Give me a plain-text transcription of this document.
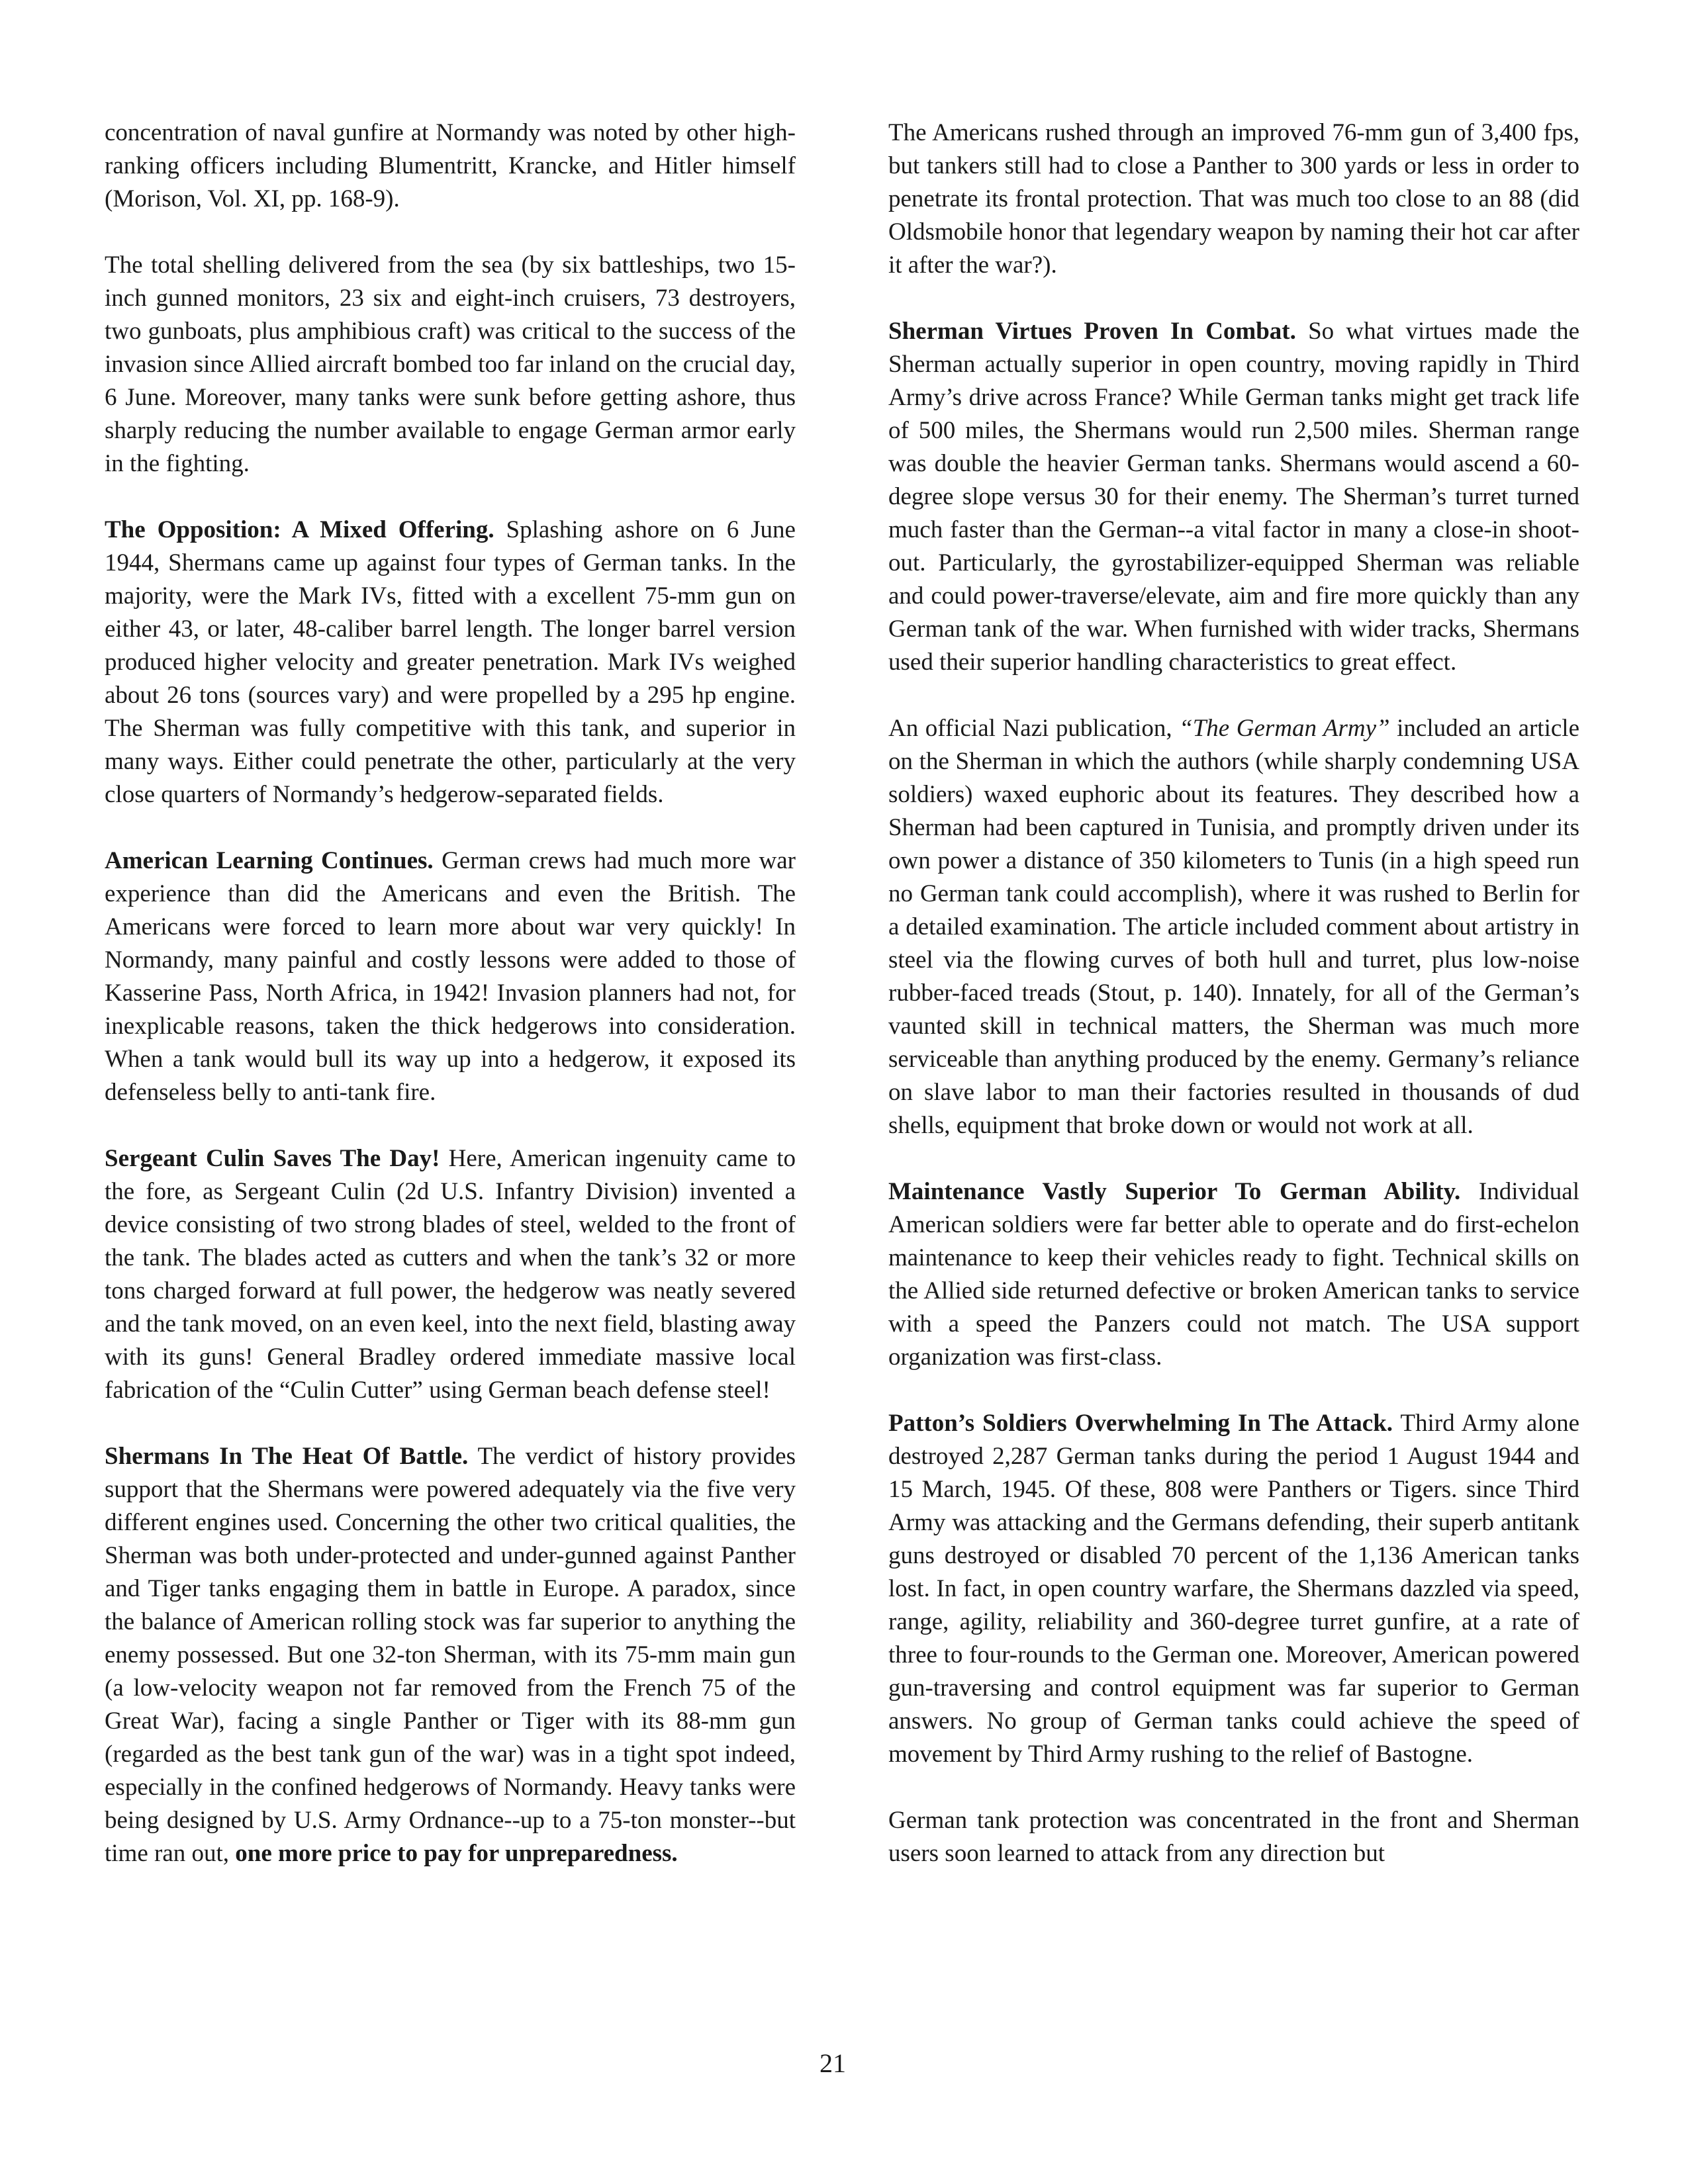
concentration of naval gunfire at Normandy was noted by other high-ranking officers including Blumentritt, Krancke, and Hitler himself (Morison, Vol. XI, pp. 168-9).

The total shelling delivered from the sea (by six battleships, two 15-inch gunned monitors, 23 six and eight-inch cruisers, 73 destroyers, two gunboats, plus amphibious craft) was critical to the success of the invasion since Allied aircraft bombed too far inland on the crucial day, 6 June. Moreover, many tanks were sunk before getting ashore, thus sharply reducing the number available to engage German armor early in the fighting.

The Opposition: A Mixed Offering. Splashing ashore on 6 June 1944, Shermans came up against four types of German tanks. In the majority, were the Mark IVs, fitted with a excellent 75-mm gun on either 43, or later, 48-caliber barrel length. The longer barrel version produced higher velocity and greater penetration. Mark IVs weighed about 26 tons (sources vary) and were propelled by a 295 hp engine. The Sherman was fully competitive with this tank, and superior in many ways. Either could penetrate the other, particularly at the very close quarters of Normandy’s hedgerow-separated fields.

American Learning Continues. German crews had much more war experience than did the Americans and even the British. The Americans were forced to learn more about war very quickly! In Normandy, many painful and costly lessons were added to those of Kasserine Pass, North Africa, in 1942! Invasion planners had not, for inexplicable reasons, taken the thick hedgerows into consideration. When a tank would bull its way up into a hedgerow, it exposed its defenseless belly to anti-tank fire.

Sergeant Culin Saves The Day! Here, American ingenuity came to the fore, as Sergeant Culin (2d U.S. Infantry Division) invented a device consisting of two strong blades of steel, welded to the front of the tank. The blades acted as cutters and when the tank’s 32 or more tons charged forward at full power, the hedgerow was neatly severed and the tank moved, on an even keel, into the next field, blasting away with its guns! General Bradley ordered immediate massive local fabrication of the “Culin Cutter” using German beach defense steel!

Shermans In The Heat Of Battle. The verdict of history provides support that the Shermans were powered adequately via the five very different engines used. Concerning the other two critical qualities, the Sherman was both under-protected and under-gunned against Panther and Tiger tanks engaging them in battle in Europe. A paradox, since the balance of American rolling stock was far superior to anything the enemy possessed. But one 32-ton Sherman, with its 75-mm main gun (a low-velocity weapon not far removed from the French 75 of the Great War), facing a single Panther or Tiger with its 88-mm gun (regarded as the best tank gun of the war) was in a tight spot indeed, especially in the confined hedgerows of Normandy. Heavy tanks were being designed by U.S. Army Ordnance--up to a 75-ton monster--but time ran out, one more price to pay for unpreparedness.

The Americans rushed through an improved 76-mm gun of 3,400 fps, but tankers still had to close a Panther to 300 yards or less in order to penetrate its frontal protection. That was much too close to an 88 (did Oldsmobile honor that legendary weapon by naming their hot car after it after the war?).

Sherman Virtues Proven In Combat. So what virtues made the Sherman actually superior in open country, moving rapidly in Third Army’s drive across France? While German tanks might get track life of 500 miles, the Shermans would run 2,500 miles. Sherman range was double the heavier German tanks. Shermans would ascend a 60-degree slope versus 30 for their enemy. The Sherman’s turret turned much faster than the German--a vital factor in many a close-in shoot-out. Particularly, the gyrostabilizer-equipped Sherman was reliable and could power-traverse/elevate, aim and fire more quickly than any German tank of the war. When furnished with wider tracks, Shermans used their superior handling characteristics to great effect.

An official Nazi publication, “The German Army” included an article on the Sherman in which the authors (while sharply condemning USA soldiers) waxed euphoric about its features. They described how a Sherman had been captured in Tunisia, and promptly driven under its own power a distance of 350 kilometers to Tunis (in a high speed run no German tank could accomplish), where it was rushed to Berlin for a detailed examination. The article included comment about artistry in steel via the flowing curves of both hull and turret, plus low-noise rubber-faced treads (Stout, p. 140). Innately, for all of the German’s vaunted skill in technical matters, the Sherman was much more serviceable than anything produced by the enemy. Germany’s reliance on slave labor to man their factories resulted in thousands of dud shells, equipment that broke down or would not work at all.

Maintenance Vastly Superior To German Ability. Individual American soldiers were far better able to operate and do first-echelon maintenance to keep their vehicles ready to fight. Technical skills on the Allied side returned defective or broken American tanks to service with a speed the Panzers could not match. The USA support organization was first-class.

Patton’s Soldiers Overwhelming In The Attack. Third Army alone destroyed 2,287 German tanks during the period 1 August 1944 and 15 March, 1945. Of these, 808 were Panthers or Tigers. since Third Army was attacking and the Germans defending, their superb antitank guns destroyed or disabled 70 percent of the 1,136 American tanks lost. In fact, in open country warfare, the Shermans dazzled via speed, range, agility, reliability and 360-degree turret gunfire, at a rate of three to four-rounds to the German one. Moreover, American powered gun-traversing and control equipment was far superior to German answers. No group of German tanks could achieve the speed of movement by Third Army rushing to the relief of Bastogne.

German tank protection was concentrated in the front and Sherman users soon learned to attack from any direction but

21
